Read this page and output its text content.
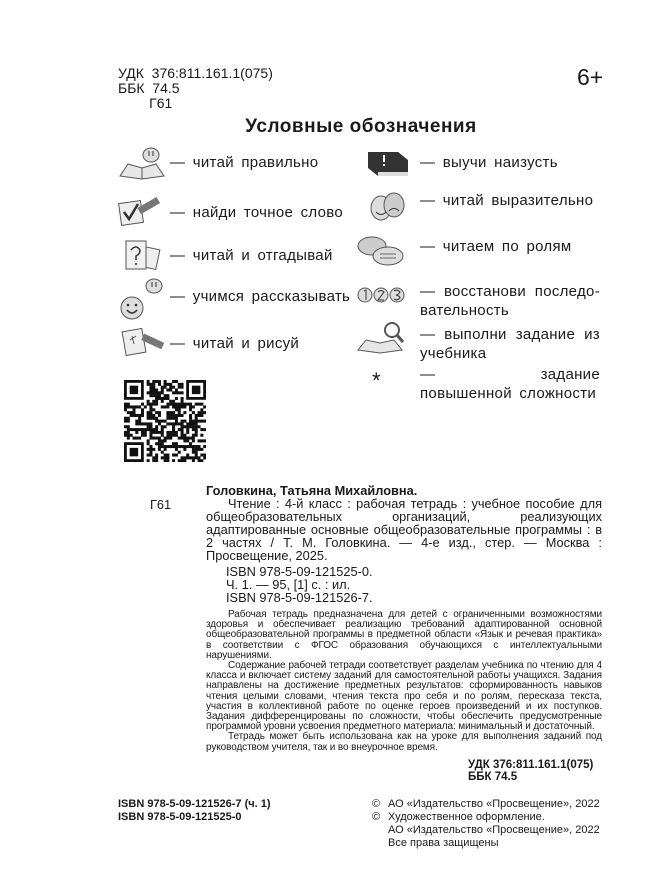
УДК  376:811.161.1(075)
ББК  74.5
Г61
6+
Условные обозначения
— читай правильно
— найди точное слово
— читай и отгадывай
— учимся рассказывать
— читай и рисуй
*
— выучи наизусть
— читай выразительно
— читаем по ролям
— восстанови последо-вательность
— выполни задание из учебника
— задание повышенной сложности
Головкина, Татьяна Михайловна.
Г61	Чтение : 4-й класс : рабочая тетрадь : учебное пособие для общеобразовательных организаций, реализующих адаптированные основные общеобразовательные программы : в 2 частях / Т. М. Головкина. — 4-е изд., стер. — Москва : Просвещение, 2025.
ISBN 978-5-09-121525-0.
Ч. 1. — 95, [1] с. : ил.
ISBN 978-5-09-121526-7.

Рабочая тетрадь предназначена для детей с ограниченными возможностями здоровья и обеспечивает реализацию требований адаптированной основной общеобразовательной программы в предметной области «Язык и речевая практика» в соответствии с ФГОС образования обучающихся с интеллектуальными нарушениями.

Содержание рабочей тетради соответствует разделам учебника по чтению для 4 класса и включает систему заданий для самостоятельной работы учащихся. Задания направлены на достижение предметных результатов: сформированность навыков чтения целыми словами, чтения текста про себя и по ролям, пересказа текста, участия в коллективной работе по оценке героев произведений и их поступков. Задания дифференцированы по сложности, чтобы обеспечить предусмотренные программой уровни усвоения предметного материала: минимальный и достаточный.

Тетрадь может быть использована как на уроке для выполнения заданий под руководством учителя, так и во внеурочное время.

УДК 376:811.161.1(075)
ББК 74.5
ISBN 978-5-09-121526-7 (ч. 1)
ISBN 978-5-09-121525-0
© АО «Издательство «Просвещение», 2022
© Художественное оформление.
АО «Издательство «Просвещение», 2022
Все права защищены
